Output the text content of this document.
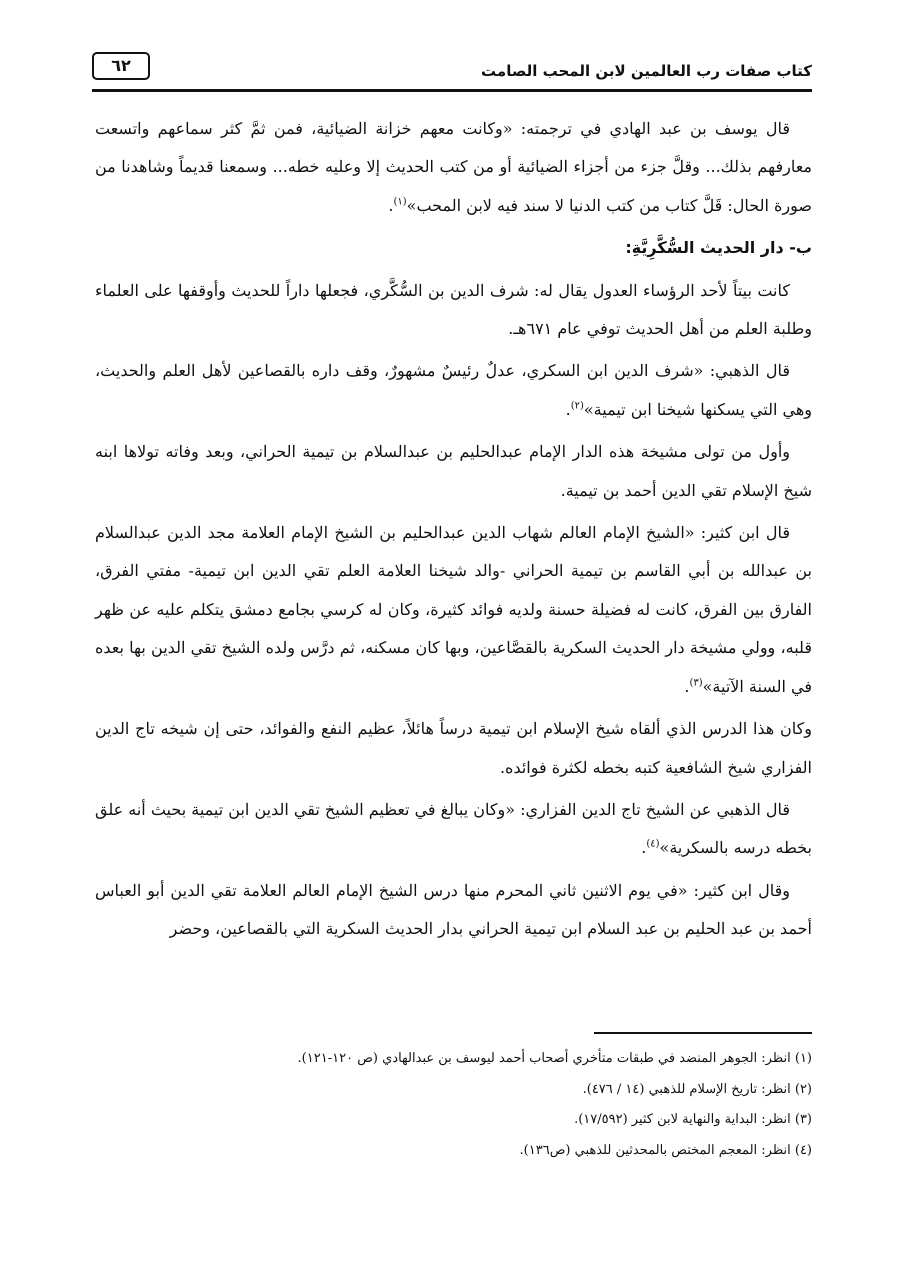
كتاب صفات رب العالمين لابن المحب الصامت
٦٢

قال يوسف بن عبد الهادي في ترجمته: «وكانت معهم خزانة الضيائية، فمن ثمَّ كثر سماعهم واتسعت معارفهم بذلك... وقلَّ جزء من أجزاء الضيائية أو من كتب الحديث إلا وعليه خطه... وسمعنا قديماً وشاهدنا من صورة الحال: قَلَّ كتاب من كتب الدنيا لا سند فيه لابن المحب»$^{(١)}$.

ب- دار الحديث السُّكَّرِيَّةِ:

كانت بيتاً لأحد الرؤساء العدول يقال له: شرف الدين بن السُّكَّري، فجعلها داراً للحديث وأوقفها على العلماء وطلبة العلم من أهل الحديث توفي عام ٦٧١هـ.

قال الذهبي: «شرف الدين ابن السكري، عدلٌ رئيسٌ مشهورٌ، وقف داره بالقصاعين لأهل العلم والحديث، وهي التي يسكنها شيخنا ابن تيمية»$^{(٢)}$.

وأول من تولى مشيخة هذه الدار الإمام عبدالحليم بن عبدالسلام بن تيمية الحراني، وبعد وفاته تولاها ابنه شيخ الإسلام تقي الدين أحمد بن تيمية.

قال ابن كثير: «الشيخ الإمام العالم شهاب الدين عبدالحليم بن الشيخ الإمام العلامة مجد الدين عبدالسلام بن عبدالله بن أبي القاسم بن تيمية الحراني -والد شيخنا العلامة العلم تقي الدين ابن تيمية- مفتي الفرق، الفارق بين الفرق، كانت له فضيلة حسنة ولديه فوائد كثيرة، وكان له كرسي بجامع دمشق يتكلم عليه عن ظهر قلبه، وولي مشيخة دار الحديث السكرية بالقصَّاعين، وبها كان مسكنه، ثم درَّس ولده الشيخ تقي الدين بها بعده في السنة الآتية»$^{(٣)}$.

وكان هذا الدرس الذي ألقاه شيخ الإسلام ابن تيمية درساً هائلاً، عظيم النفع والفوائد، حتى إن شيخه تاج الدين الفزاري شيخ الشافعية كتبه بخطه لكثرة فوائده.

قال الذهبي عن الشيخ تاج الدين الفزاري: «وكان يبالغ في تعظيم الشيخ تقي الدين ابن تيمية بحيث أنه علق بخطه درسه بالسكرية»$^{(٤)}$.

وقال ابن كثير: «في يوم الاثنين ثاني المحرم منها درس الشيخ الإمام العالم العلامة تقي الدين أبو العباس أحمد بن عبد الحليم بن عبد السلام ابن تيمية الحراني بدار الحديث السكرية التي بالقصاعين، وحضر

(١) انظر: الجوهر المنضد في طبقات متأخري أصحاب أحمد ليوسف بن عبدالهادي (ص ١٢٠-١٢١).
(٢) انظر: تاريخ الإسلام للذهبي (١٤ / ٤٧٦).
(٣) انظر: البداية والنهاية لابن كثير (١٧/٥٩٢).
(٤) انظر: المعجم المختص بالمحدثين للذهبي (ص١٣٦).
